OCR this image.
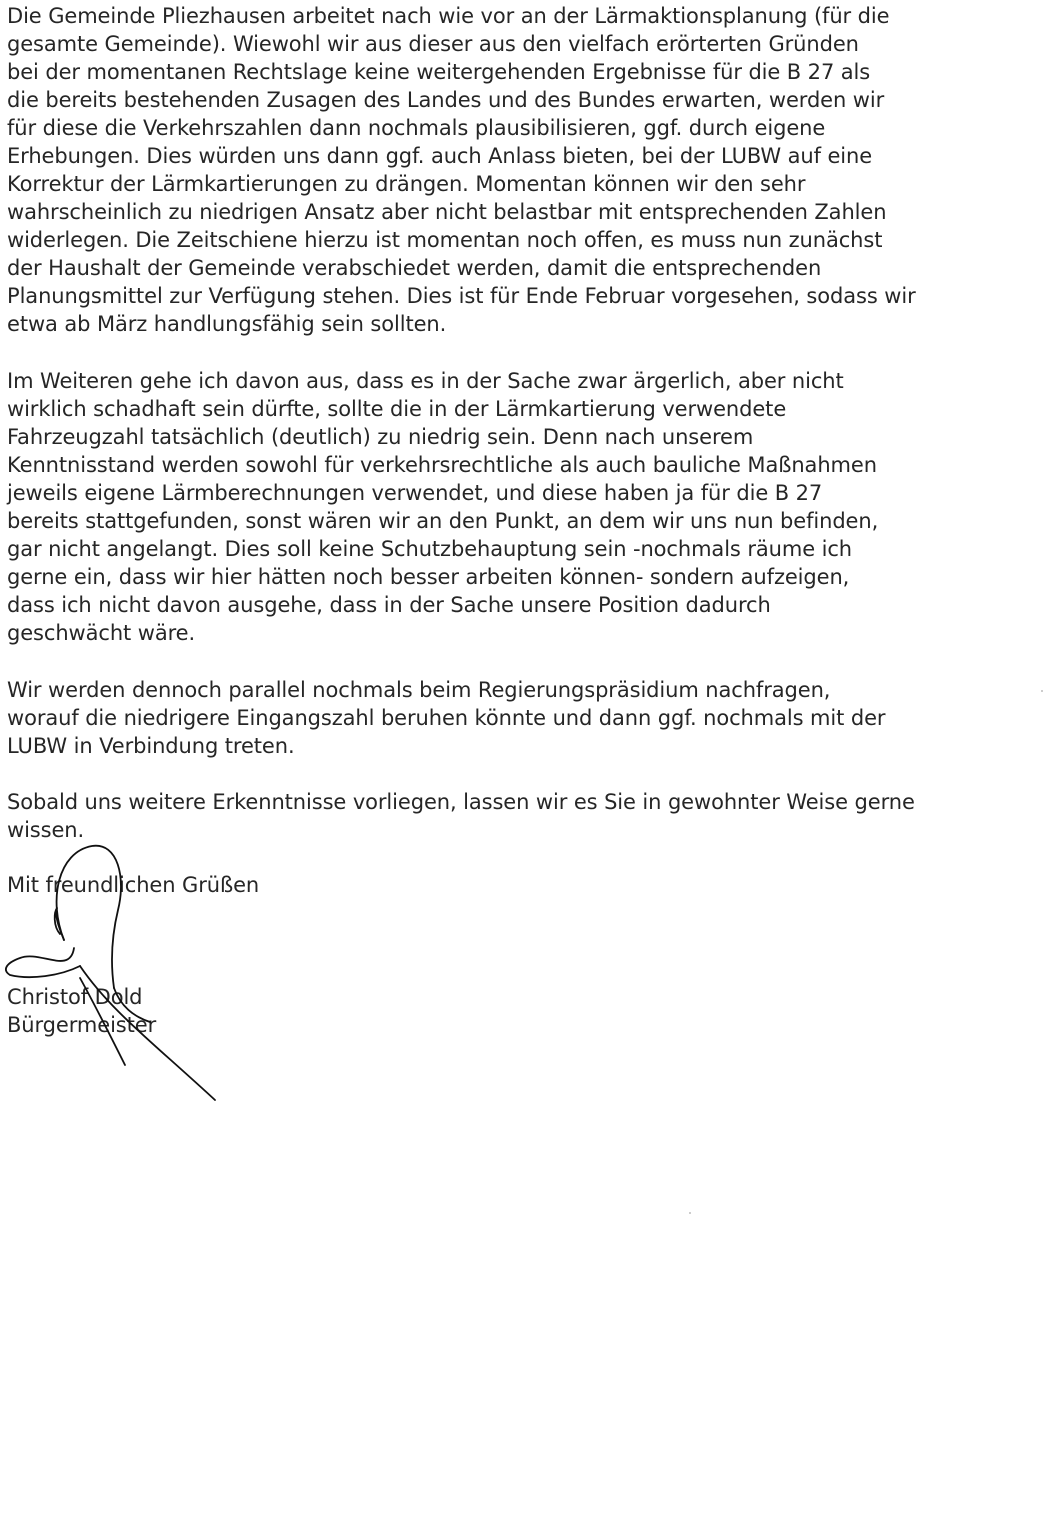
Die Gemeinde Pliezhausen arbeitet nach wie vor an der Lärmaktionsplanung (für die
gesamte Gemeinde). Wiewohl wir aus dieser aus den vielfach erörterten Gründen
bei der momentanen Rechtslage keine weitergehenden Ergebnisse für die B 27 als
die bereits bestehenden Zusagen des Landes und des Bundes erwarten, werden wir
für diese die Verkehrszahlen dann nochmals plausibilisieren, ggf. durch eigene
Erhebungen. Dies würden uns dann ggf. auch Anlass bieten, bei der LUBW auf eine
Korrektur der Lärmkartierungen zu drängen. Momentan können wir den sehr
wahrscheinlich zu niedrigen Ansatz aber nicht belastbar mit entsprechenden Zahlen
widerlegen. Die Zeitschiene hierzu ist momentan noch offen, es muss nun zunächst
der Haushalt der Gemeinde verabschiedet werden, damit die entsprechenden
Planungsmittel zur Verfügung stehen. Dies ist für Ende Februar vorgesehen, sodass wir
etwa ab März handlungsfähig sein sollten.
Im Weiteren gehe ich davon aus, dass es in der Sache zwar ärgerlich, aber nicht
wirklich schadhaft sein dürfte, sollte die in der Lärmkartierung verwendete
Fahrzeugzahl tatsächlich (deutlich) zu niedrig sein. Denn nach unserem
Kenntnisstand werden sowohl für verkehrsrechtliche als auch bauliche Maßnahmen
jeweils eigene Lärmberechnungen verwendet, und diese haben ja für die B 27
bereits stattgefunden, sonst wären wir an den Punkt, an dem wir uns nun befinden,
gar nicht angelangt. Dies soll keine Schutzbehauptung sein -nochmals räume ich
gerne ein, dass wir hier hätten noch besser arbeiten können- sondern aufzeigen,
dass ich nicht davon ausgehe, dass in der Sache unsere Position dadurch
geschwächt wäre.
Wir werden dennoch parallel nochmals beim Regierungspräsidium nachfragen,
worauf die niedrigere Eingangszahl beruhen könnte und dann ggf. nochmals mit der
LUBW in Verbindung treten.
Sobald uns weitere Erkenntnisse vorliegen, lassen wir es Sie in gewohnter Weise gerne
wissen.
Mit freundlichen Grüßen
Christof Dold
Bürgermeister
